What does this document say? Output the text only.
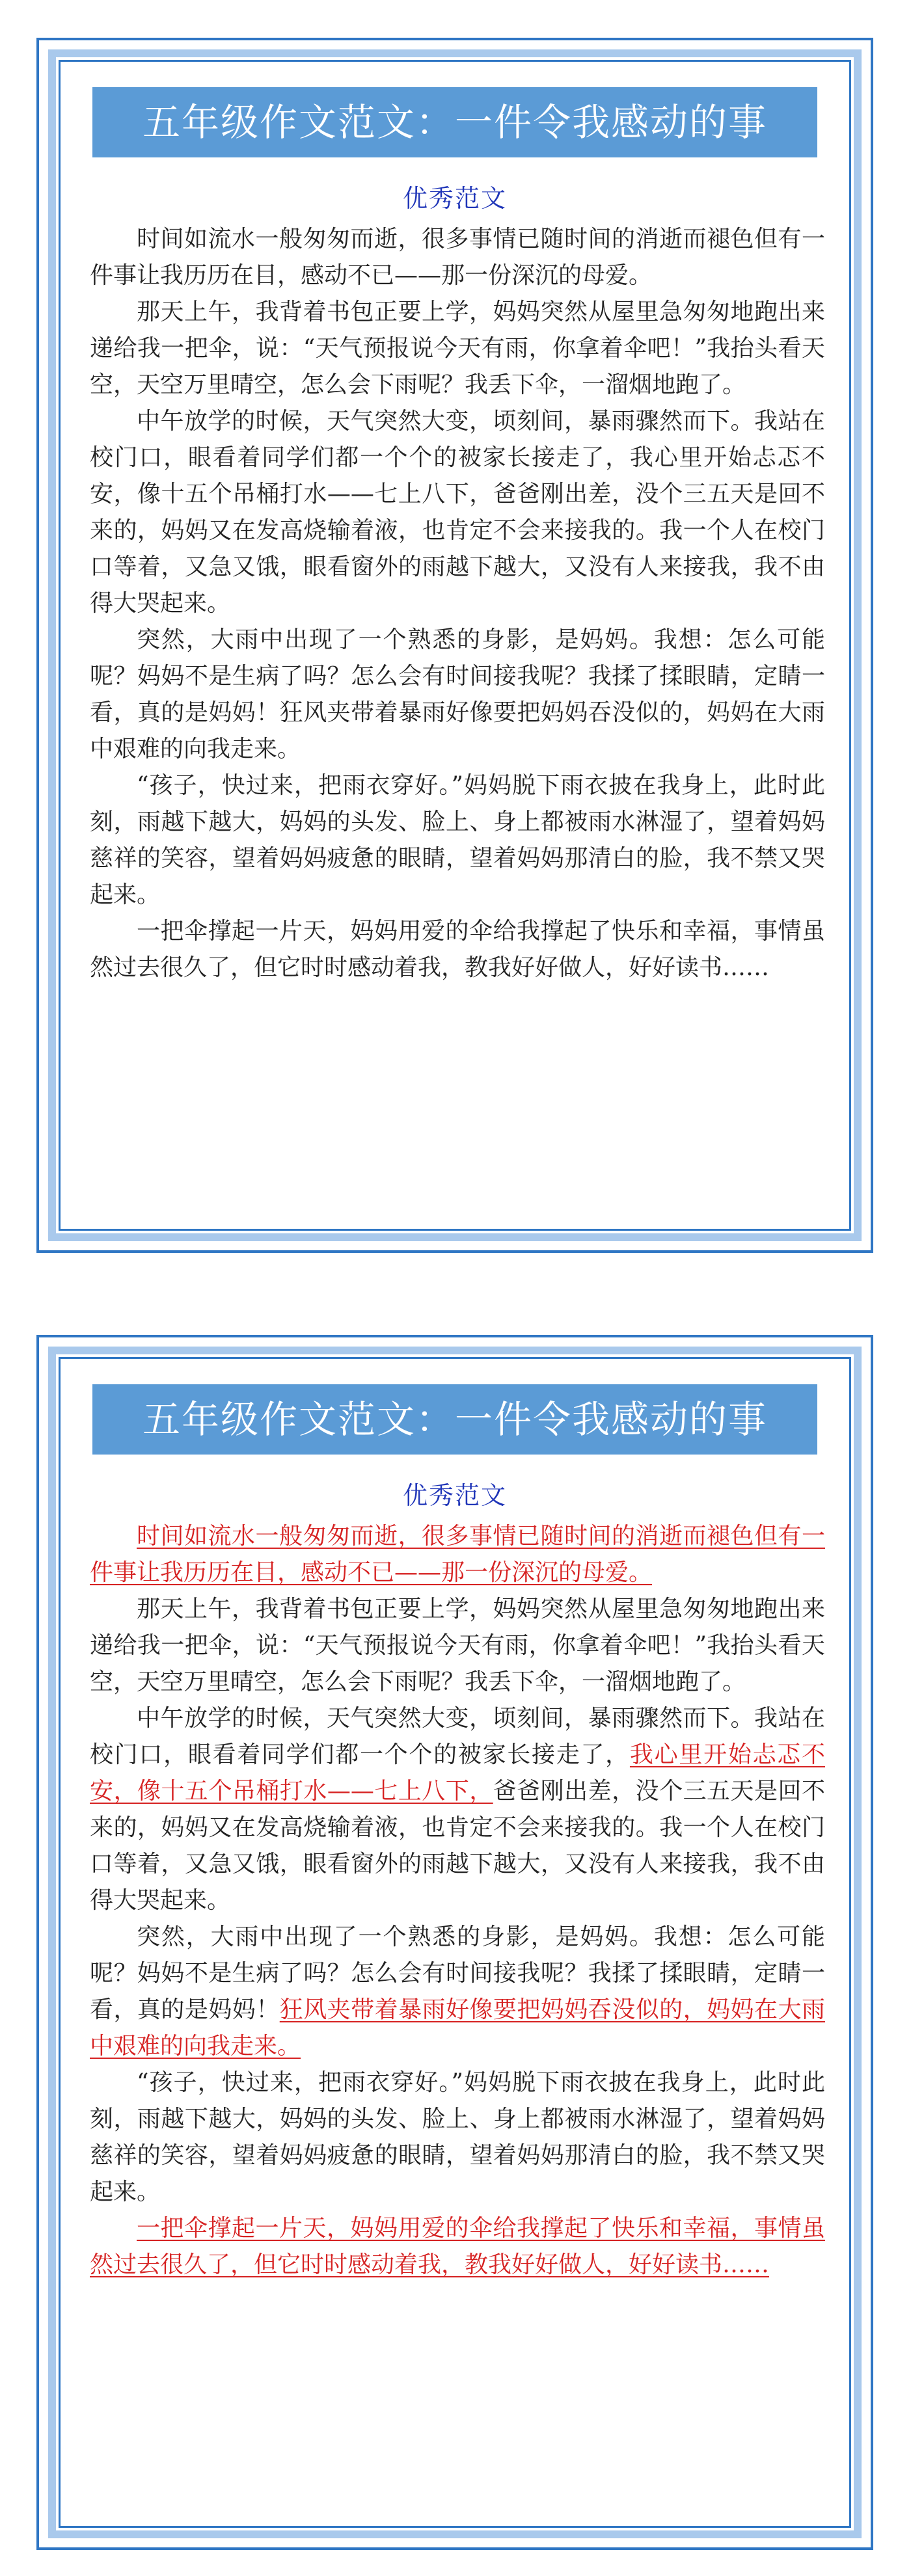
五年级作文范文：一件令我感动的事
优秀范文

时间如流水一般匆匆而逝，很多事情已随时间的消逝而褪色但有一件事让我历历在目，感动不已——那一份深沉的母爱。

那天上午，我背着书包正要上学，妈妈突然从屋里急匆匆地跑出来递给我一把伞，说：“天气预报说今天有雨，你拿着伞吧！”我抬头看天空，天空万里晴空，怎么会下雨呢？我丢下伞，一溜烟地跑了。

中午放学的时候，天气突然大变，顷刻间，暴雨骤然而下。我站在校门口，眼看着同学们都一个个的被家长接走了，我心里开始忐忑不安，像十五个吊桶打水——七上八下，爸爸刚出差，没个三五天是回不来的，妈妈又在发高烧输着液，也肯定不会来接我的。我一个人在校门口等着，又急又饿，眼看窗外的雨越下越大，又没有人来接我，我不由得大哭起来。

突然，大雨中出现了一个熟悉的身影，是妈妈。我想：怎么可能呢？妈妈不是生病了吗？怎么会有时间接我呢？我揉了揉眼睛，定睛一看，真的是妈妈！狂风夹带着暴雨好像要把妈妈吞没似的，妈妈在大雨中艰难的向我走来。

“孩子，快过来，把雨衣穿好。”妈妈脱下雨衣披在我身上，此时此刻，雨越下越大，妈妈的头发、脸上、身上都被雨水淋湿了，望着妈妈慈祥的笑容，望着妈妈疲惫的眼睛，望着妈妈那清白的脸，我不禁又哭起来。

一把伞撑起一片天，妈妈用爱的伞给我撑起了快乐和幸福，事情虽然过去很久了，但它时时感动着我，教我好好做人，好好读书……

五年级作文范文：一件令我感动的事
优秀范文

时间如流水一般匆匆而逝，很多事情已随时间的消逝而褪色但有一件事让我历历在目，感动不已——那一份深沉的母爱。

那天上午，我背着书包正要上学，妈妈突然从屋里急匆匆地跑出来递给我一把伞，说：“天气预报说今天有雨，你拿着伞吧！”我抬头看天空，天空万里晴空，怎么会下雨呢？我丢下伞，一溜烟地跑了。

中午放学的时候，天气突然大变，顷刻间，暴雨骤然而下。我站在校门口，眼看着同学们都一个个的被家长接走了，我心里开始忐忑不安，像十五个吊桶打水——七上八下，爸爸刚出差，没个三五天是回不来的，妈妈又在发高烧输着液，也肯定不会来接我的。我一个人在校门口等着，又急又饿，眼看窗外的雨越下越大，又没有人来接我，我不由得大哭起来。

突然，大雨中出现了一个熟悉的身影，是妈妈。我想：怎么可能呢？妈妈不是生病了吗？怎么会有时间接我呢？我揉了揉眼睛，定睛一看，真的是妈妈！狂风夹带着暴雨好像要把妈妈吞没似的，妈妈在大雨中艰难的向我走来。

“孩子，快过来，把雨衣穿好。”妈妈脱下雨衣披在我身上，此时此刻，雨越下越大，妈妈的头发、脸上、身上都被雨水淋湿了，望着妈妈慈祥的笑容，望着妈妈疲惫的眼睛，望着妈妈那清白的脸，我不禁又哭起来。

一把伞撑起一片天，妈妈用爱的伞给我撑起了快乐和幸福，事情虽然过去很久了，但它时时感动着我，教我好好做人，好好读书……
